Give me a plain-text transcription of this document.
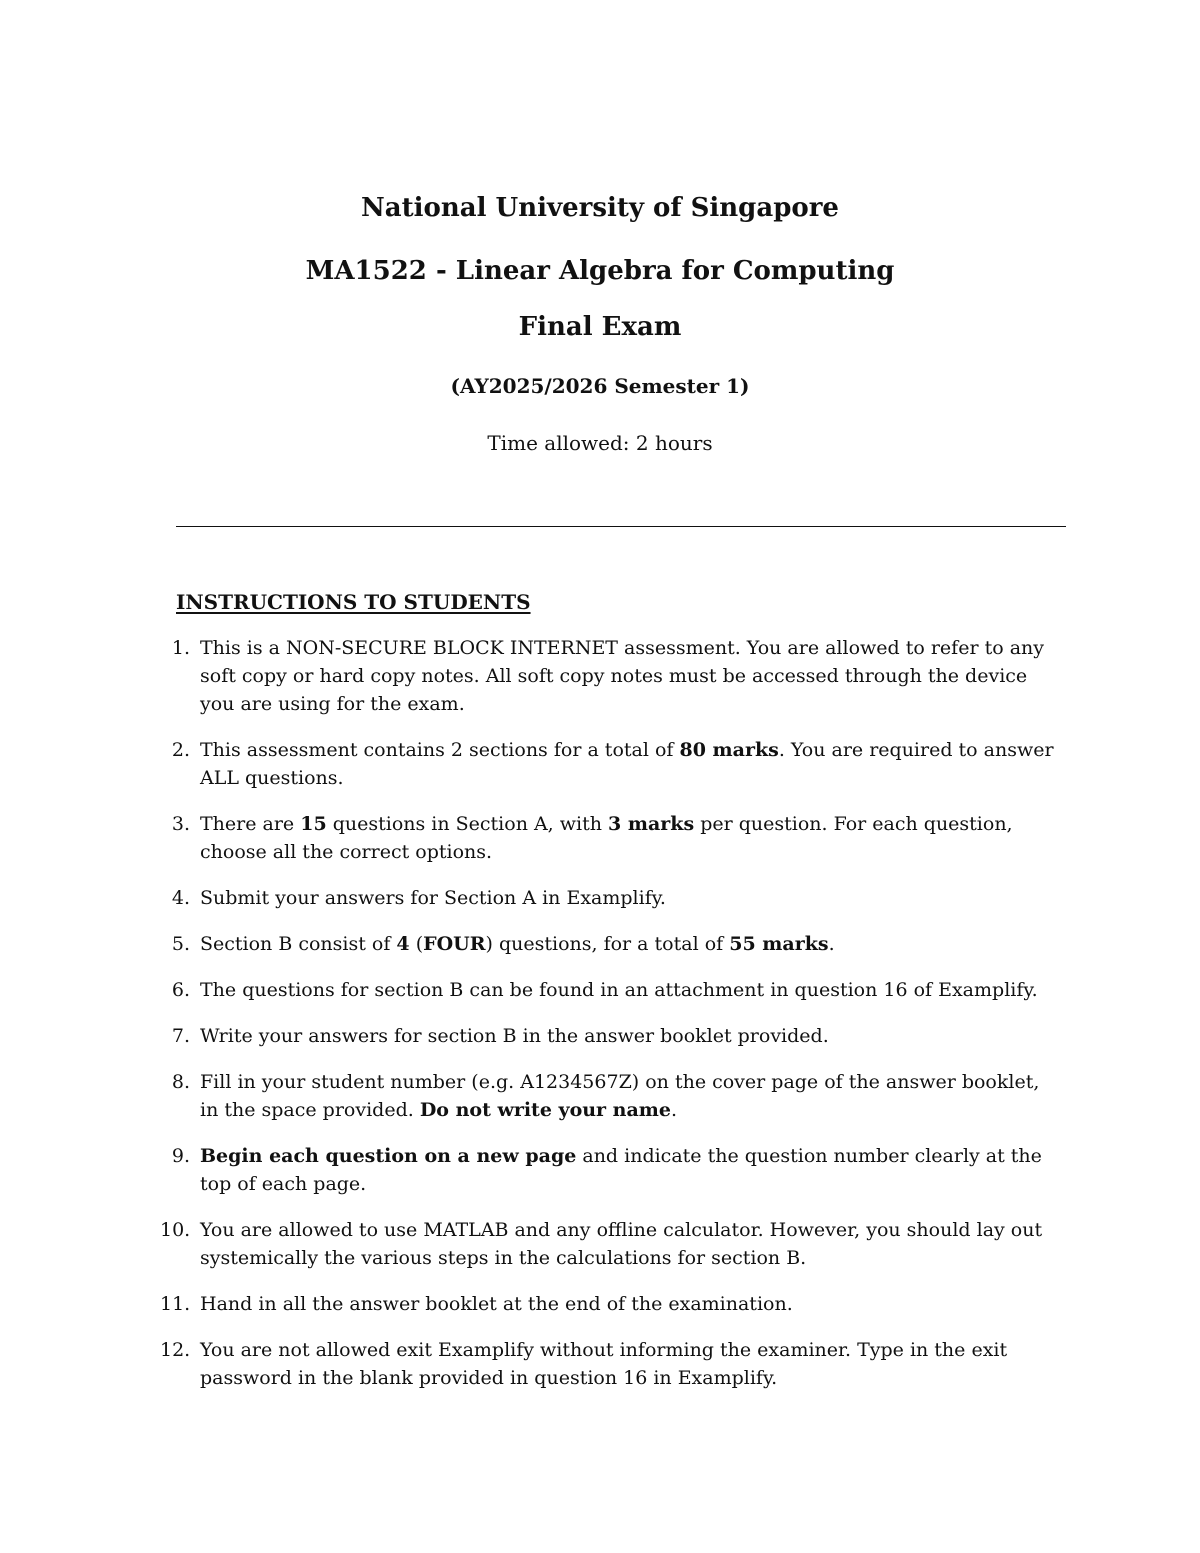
National University of Singapore
MA1522 - Linear Algebra for Computing
Final Exam
(AY2025/2026 Semester 1)
Time allowed: 2 hours
INSTRUCTIONS TO STUDENTS
1. This is a NON-SECURE BLOCK INTERNET assessment. You are allowed to refer to any soft copy or hard copy notes. All soft copy notes must be accessed through the device you are using for the exam.
2. This assessment contains 2 sections for a total of 80 marks. You are required to answer ALL questions.
3. There are 15 questions in Section A, with 3 marks per question. For each question, choose all the correct options.
4. Submit your answers for Section A in Examplify.
5. Section B consist of 4 (FOUR) questions, for a total of 55 marks.
6. The questions for section B can be found in an attachment in question 16 of Examplify.
7. Write your answers for section B in the answer booklet provided.
8. Fill in your student number (e.g. A1234567Z) on the cover page of the answer booklet, in the space provided. Do not write your name.
9. Begin each question on a new page and indicate the question number clearly at the top of each page.
10. You are allowed to use MATLAB and any offline calculator. However, you should lay out systemically the various steps in the calculations for section B.
11. Hand in all the answer booklet at the end of the examination.
12. You are not allowed exit Examplify without informing the examiner. Type in the exit password in the blank provided in question 16 in Examplify.
